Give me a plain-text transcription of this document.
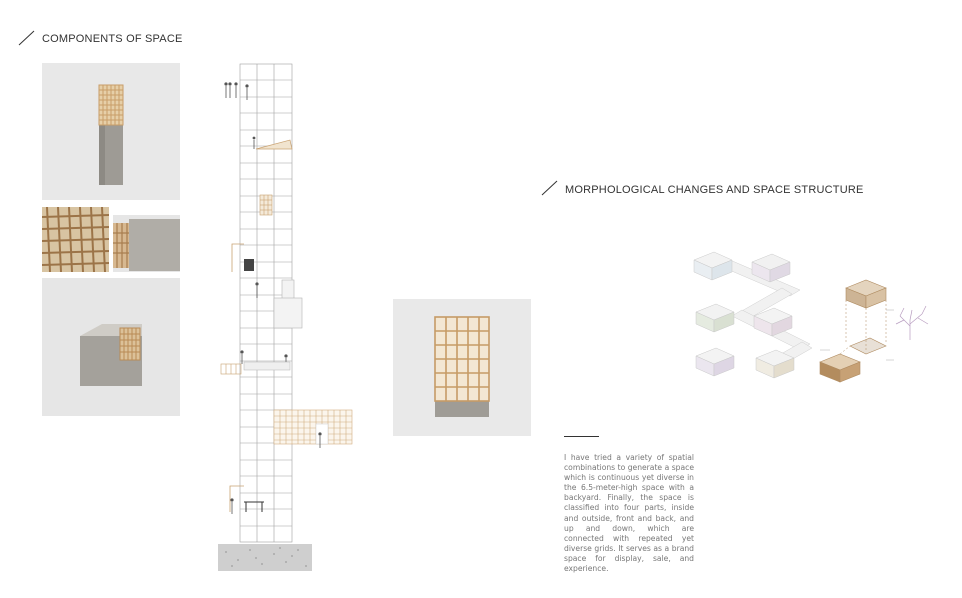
COMPONENTS OF SPACE
MORPHOLOGICAL CHANGES AND SPACE STRUCTURE
I have tried a variety of spatial combinations to generate a space which is continuous yet diverse in the 6.5-meter-high space with a backyard. Finally, the space is classified into four parts, inside and outside, front and back, and up and down, which are connected with repeated yet diverse grids. It serves as a brand space for display, sale, and experience.
